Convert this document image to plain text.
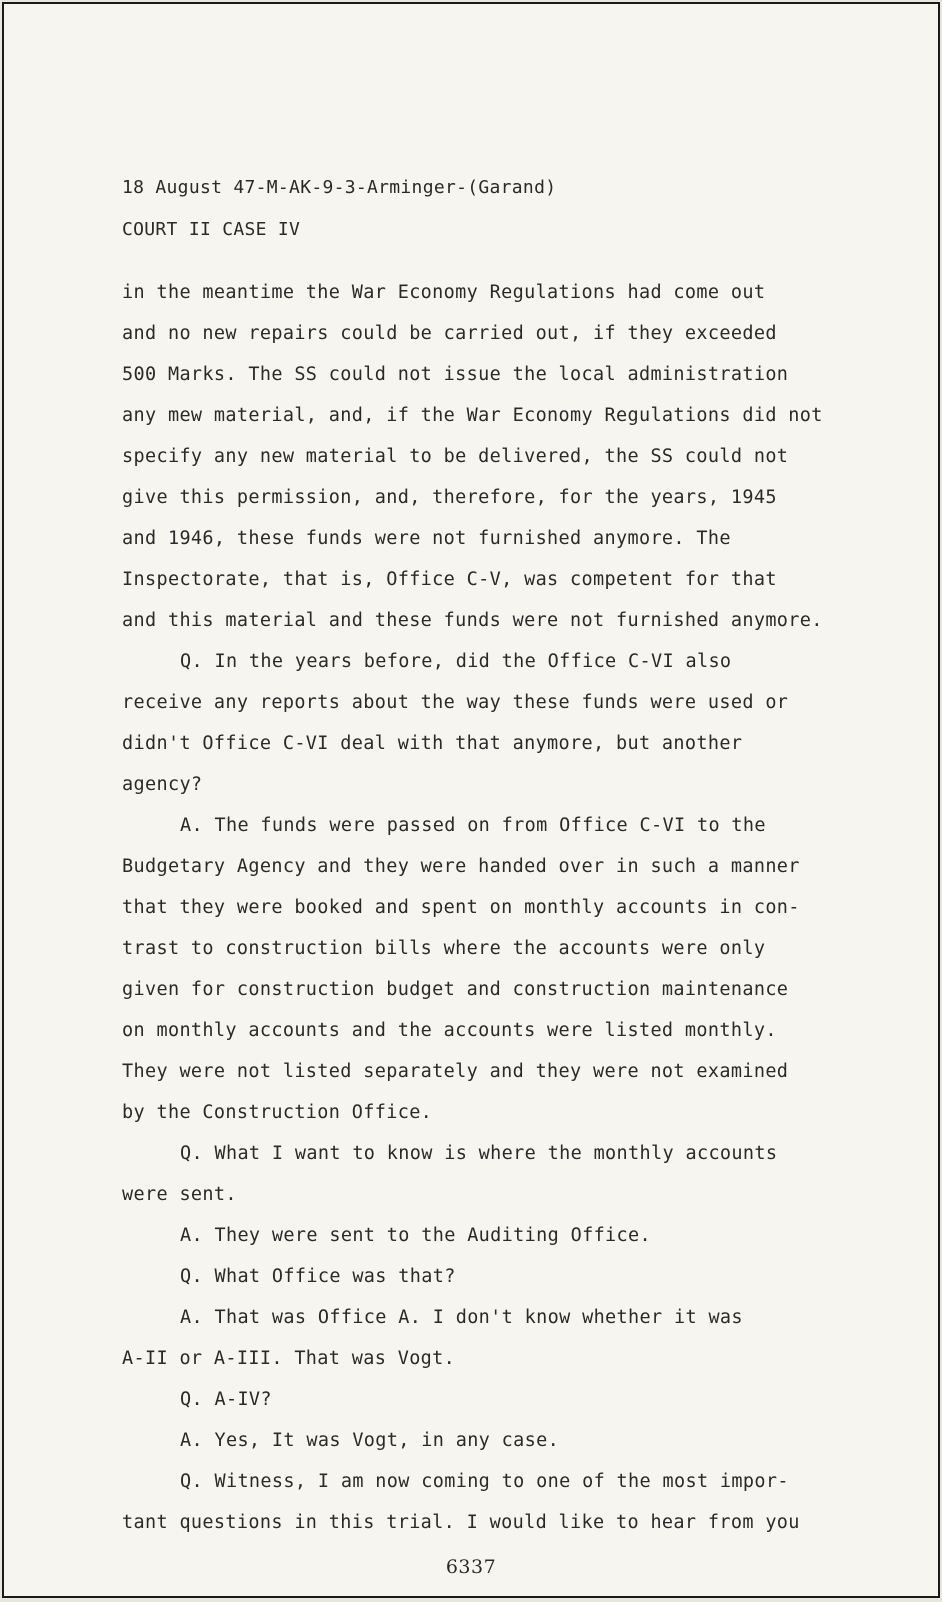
18 August 47-M-AK-9-3-Arminger-(Garand)
COURT II CASE IV
in the meantime the War Economy Regulations had come out
and no new repairs could be carried out, if they exceeded
500 Marks. The SS could not issue the local administration
any mew material, and, if the War Economy Regulations did not
specify any new material to be delivered, the SS could not
give this permission, and, therefore, for the years, 1945
and 1946, these funds were not furnished anymore. The
Inspectorate, that is, Office C-V, was competent for that
and this material and these funds were not furnished anymore.
Q. In the years before, did the Office C-VI also
receive any reports about the way these funds were used or
didn't Office C-VI deal with that anymore, but another
agency?
A. The funds were passed on from Office C-VI to the
Budgetary Agency and they were handed over in such a manner
that they were booked and spent on monthly accounts in con-
trast to construction bills where the accounts were only
given for construction budget and construction maintenance
on monthly accounts and the accounts were listed monthly.
They were not listed separately and they were not examined
by the Construction Office.
Q. What I want to know is where the monthly accounts
were sent.
A. They were sent to the Auditing Office.
Q. What Office was that?
A. That was Office A. I don't know whether it was
A-II or A-III. That was Vogt.
Q. A-IV?
A. Yes, It was Vogt, in any case.
Q. Witness, I am now coming to one of the most impor-
tant questions in this trial. I would like to hear from you
6337
